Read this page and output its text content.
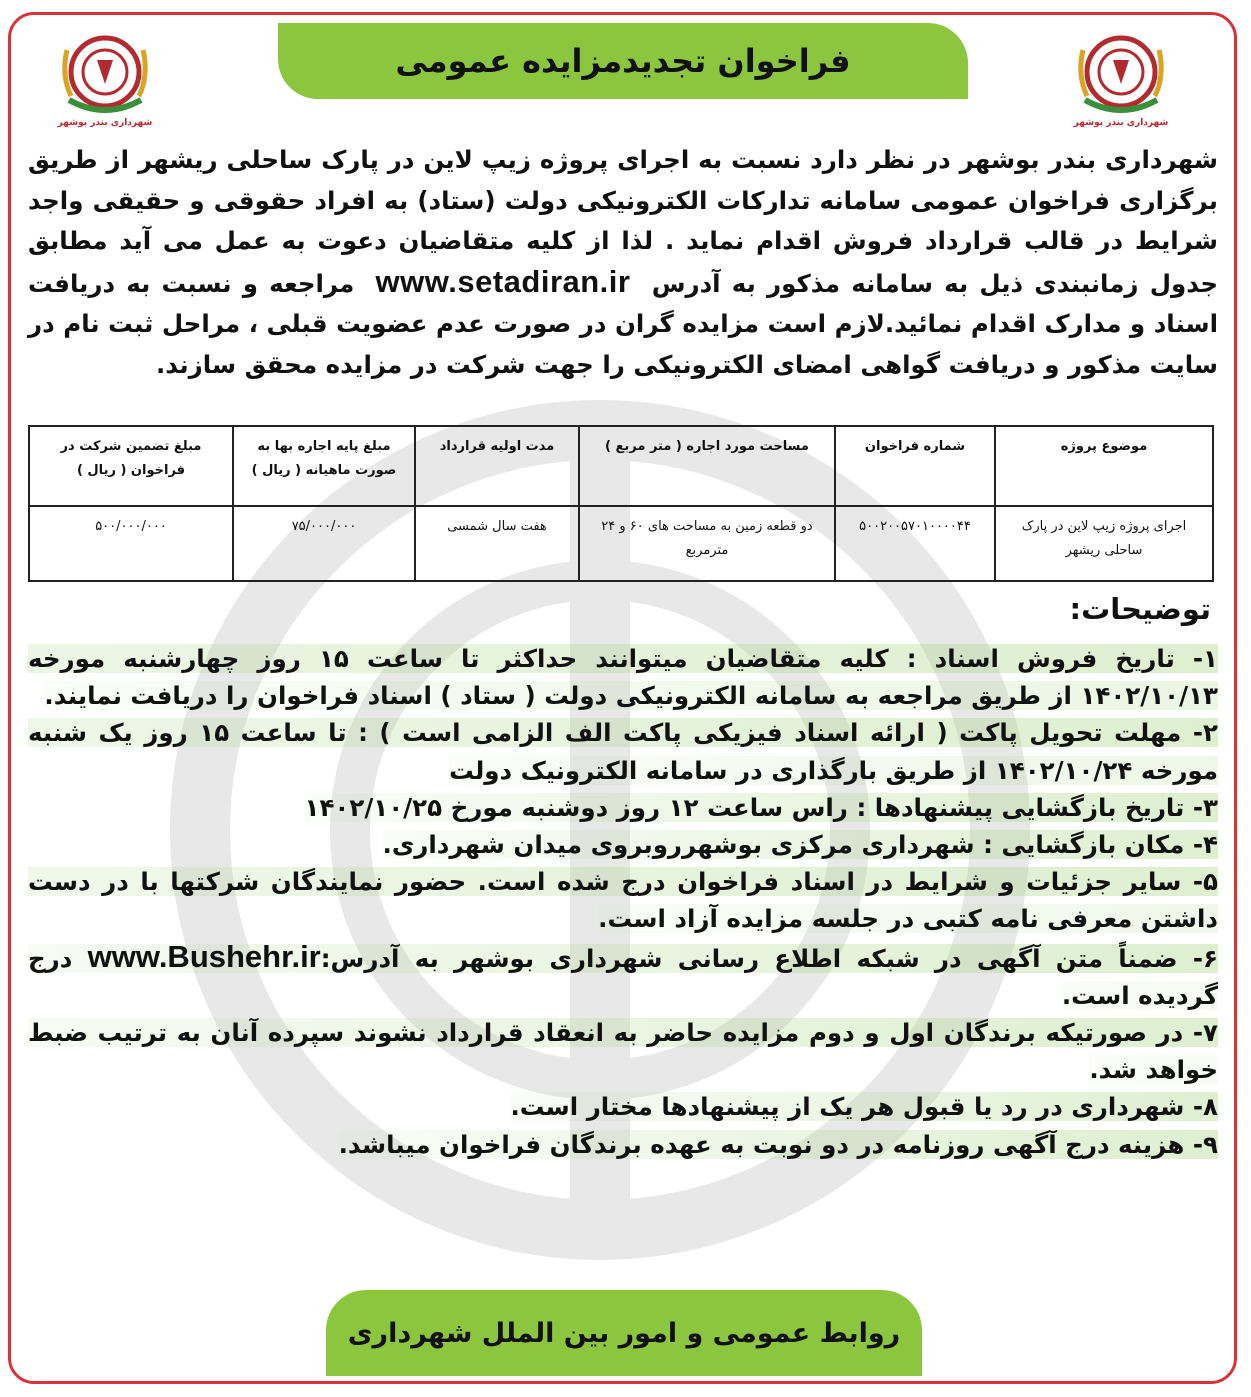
شهرداری بندر بوشهر
شهرداری بندر بوشهر
فراخوان تجدیدمزایده عمومی
شهرداری بندر بوشهر در نظر دارد نسبت به اجرای پروژه زیپ لاین در پارک ساحلی ریشهر از طریق برگزاری فراخوان عمومی سامانه تدارکات الکترونیکی دولت (ستاد) به افراد حقوقی و حقیقی واجد شرایط در قالب قرارداد فروش اقدام نماید . لذا از کلیه متقاضیان دعوت به عمل می آید مطابق جدول زمانبندی ذیل به سامانه مذکور به آدرس www.setadiran.ir مراجعه و نسبت به دریافت اسناد و مدارک اقدام نمائید.لازم است مزایده گران در صورت عدم عضویت قبلی ، مراحل ثبت نام در سایت مذکور و دریافت گواهی امضای الکترونیکی را جهت شرکت در مزایده محقق سازند.
موضوع پروژه	شماره فراخوان	مساحت مورد اجاره ( متر مربع )	مدت اولیه قرارداد	مبلغ پایه اجاره بها به صورت ماهیانه ( ریال )	مبلغ تضمین شرکت در فراخوان ( ریال )
اجرای پروژه زیپ لاین در پارک ساحلی ریشهر	۵۰۰۲۰۰۵۷۰۱۰۰۰۰۴۴	دو قطعه زمین به مساحت های ۶۰ و ۲۴ مترمربع	هفت سال شمسی	۷۵/۰۰۰/۰۰۰	۵۰۰/۰۰۰/۰۰۰
توضیحات:

۱- تاریخ فروش اسناد : کلیه متقاضیان میتوانند حداکثر تا ساعت ۱۵ روز چهارشنبه مورخه ۱۴۰۲/۱۰/۱۳ از طریق مراجعه به سامانه الکترونیکی دولت ( ستاد ) اسناد فراخوان را دریافت نمایند.

۲- مهلت تحویل پاکت ( ارائه اسناد فیزیکی پاکت الف الزامی است ) : تا ساعت ۱۵ روز یک شنبه مورخه ۱۴۰۲/۱۰/۲۴ از طریق بارگذاری در سامانه الکترونیک دولت

۳- تاریخ بازگشایی پیشنهادها : راس ساعت ۱۲ روز دوشنبه مورخ ۱۴۰۲/۱۰/۲۵

۴- مکان بازگشایی : شهرداری مرکزی بوشهرروبروی میدان شهرداری.

۵- سایر جزئیات و شرایط در اسناد فراخوان درج شده است. حضور نمایندگان شرکتها با در دست داشتن معرفی نامه کتبی در جلسه مزایده آزاد است.

۶- ضمناً متن آگهی در شبکه اطلاع رسانی شهرداری بوشهر به آدرس:www.Bushehr.ir درج گردیده است.

۷- در صورتیکه برندگان اول و دوم مزایده حاضر به انعقاد قرارداد نشوند سپرده آنان به ترتیب ضبط خواهد شد.

۸- شهرداری در رد یا قبول هر یک از پیشنهادها مختار است.

۹- هزینه درج آگهی روزنامه در دو نوبت به عهده برندگان فراخوان میباشد.

روابط عمومی و امور بین الملل شهرداری
